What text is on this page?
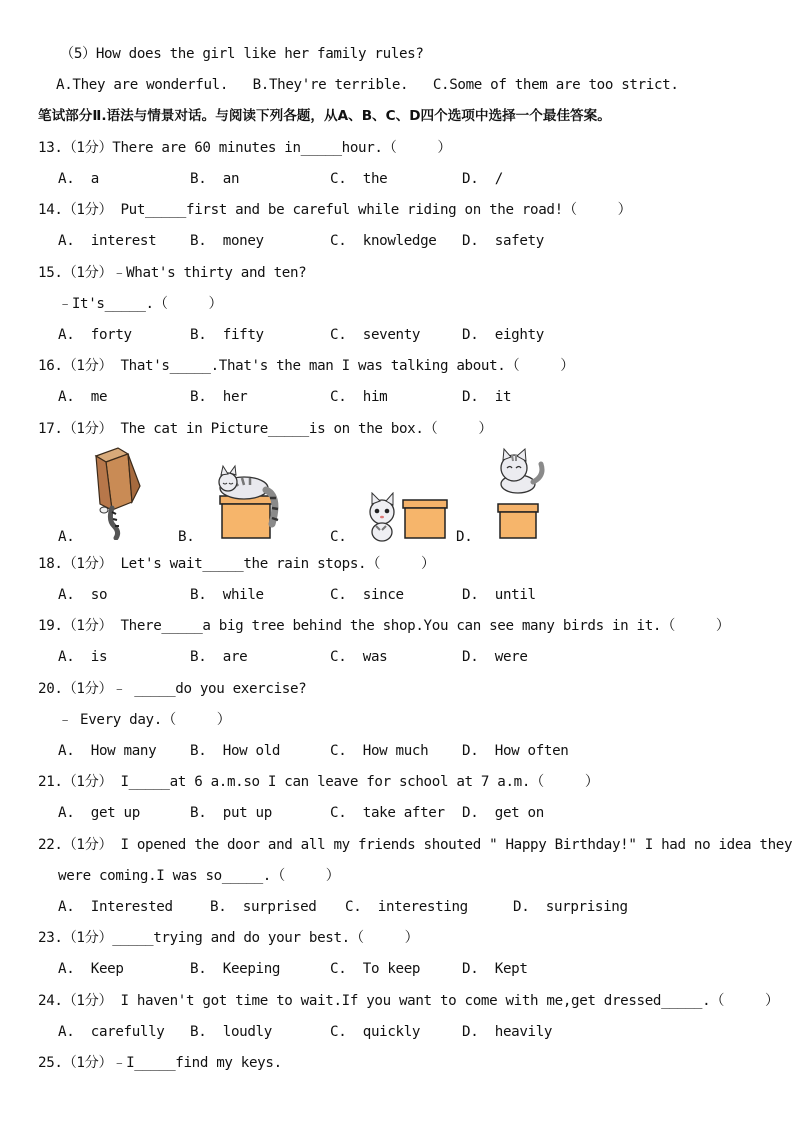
（5）How does the girl like her family rules?
A.They are wonderful.   B.They're terrible.   C.Some of them are too strict.
笔试部分Ⅱ.语法与情景对话。与阅读下列各题，从A、B、C、D四个选项中选择一个最佳答案。
13.（1分）There are 60 minutes in_____hour.（     ）
A.  a	B.  an	C.  the	D.  /
14.（1分） Put_____first and be careful while riding on the road!（     ）
A.  interest B.  money	C.  knowledge D.  safety
15.（1分）﹣What's thirty and ten?
﹣It's_____.（     ）
A.  forty	B.  fifty	C.  seventy	D.  eighty
16.（1分） That's_____.That's the man I was talking about.（     ）
A.  me	B.  her	C.  him	D.  it
17.（1分） The cat in Picture_____is on the box.（     ）
A.	B.	C.	D.
18.（1分） Let's wait_____the rain stops.（     ）
A.  so	B.  while	C.  since	D.  until
19.（1分） There_____a big tree behind the shop.You can see many birds in it.（     ）
A.  is	B.  are	C.  was	D.  were
20.（1分）﹣ _____do you exercise?
﹣ Every day.（     ）
A.  How many B.  How old	C.  How much D.  How often
21.（1分） I_____at 6 a.m.so I can leave for school at 7 a.m.（     ）
A.  get up	B.  put up	C.  take after D.  get on
22.（1分） I opened the door and all my friends shouted " Happy Birthday!" I had no idea they
were coming.I was so_____.（     ）
A.  Interested	B.  surprised C.  interesting	D.  surprising
23.（1分）_____trying and do your best.（     ）
A.  Keep	B.  Keeping	C.  To keep	D.  Kept
24.（1分） I haven't got time to wait.If you want to come with me,get dressed_____.（     ）
A.  carefully B.  loudly	C.  quickly	D.  heavily
25.（1分）﹣I_____find my keys.
